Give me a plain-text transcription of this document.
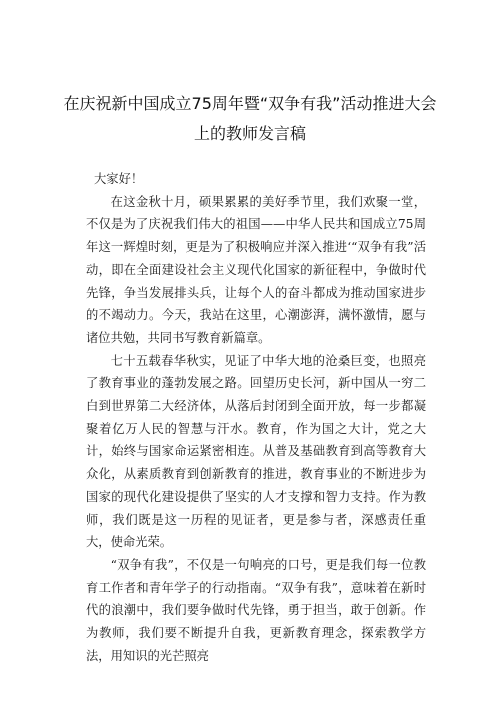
在庆祝新中国成立75周年暨“双争有我”活动推进大会
上的教师发言稿

大家好！

在这金秋十月，硕果累累的美好季节里，我们欢聚一堂，不仅是为了庆祝我们伟大的祖国——中华人民共和国成立75周年这一辉煌时刻，更是为了积极响应并深入推进‘“双争有我”活动，即在全面建设社会主义现代化国家的新征程中，争做时代先锋，争当发展排头兵，让每个人的奋斗都成为推动国家进步的不竭动力。今天，我站在这里，心潮澎湃，满怀激情，愿与诸位共勉，共同书写教育新篇章。

七十五载春华秋实，见证了中华大地的沧桑巨变，也照亮了教育事业的蓬勃发展之路。回望历史长河，新中国从一穷二白到世界第二大经济体，从落后封闭到全面开放，每一步都凝聚着亿万人民的智慧与汗水。教育，作为国之大计，党之大计，始终与国家命运紧密相连。从普及基础教育到高等教育大众化，从素质教育到创新教育的推进，教育事业的不断进步为国家的现代化建设提供了坚实的人才支撑和智力支持。作为教师，我们既是这一历程的见证者，更是参与者，深感责任重大，使命光荣。

“双争有我”，不仅是一句响亮的口号，更是我们每一位教育工作者和青年学子的行动指南。“双争有我”，意味着在新时代的浪潮中，我们要争做时代先锋，勇于担当，敢于创新。作为教师，我们要不断提升自我，更新教育理念，探索教学方法，用知识的光芒照亮
